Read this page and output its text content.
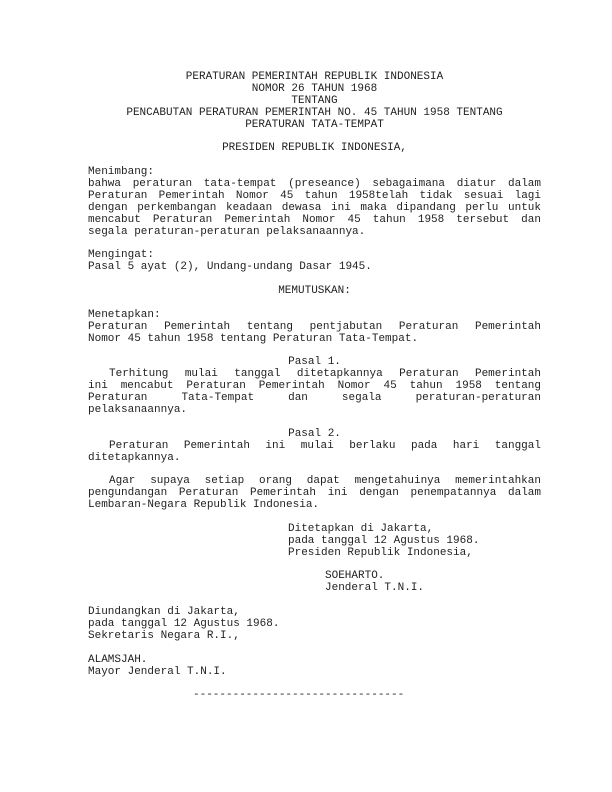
PERATURAN PEMERINTAH REPUBLIK INDONESIA
NOMOR 26 TAHUN 1968
TENTANG
PENCABUTAN PERATURAN PEMERINTAH NO. 45 TAHUN 1958 TENTANG
PERATURAN TATA-TEMPAT
PRESIDEN REPUBLIK INDONESIA,
Menimbang:
bahwa peraturan tata-tempat (preseance) sebagaimana diatur dalam
Peraturan Pemerintah Nomor 45 tahun 1958telah tidak sesuai lagi
dengan perkembangan keadaan dewasa ini maka dipandang perlu untuk
mencabut Peraturan Pemerintah Nomor 45 tahun 1958 tersebut dan
segala peraturan-peraturan pelaksanaannya.
Mengingat:
Pasal 5 ayat (2), Undang-undang Dasar 1945.
MEMUTUSKAN:
Menetapkan:
Peraturan Pemerintah tentang pentjabutan Peraturan Pemerintah
Nomor 45 tahun 1958 tentang Peraturan Tata-Tempat.
Pasal 1.
Terhitung mulai tanggal ditetapkannya Peraturan Pemerintah
ini mencabut Peraturan Pemerintah Nomor 45 tahun 1958 tentang
Peraturan Tata-Tempat dan segala peraturan-peraturan
pelaksanaannya.
Pasal 2.
Peraturan Pemerintah ini mulai berlaku pada hari tanggal
ditetapkannya.
Agar supaya setiap orang dapat mengetahuinya memerintahkan
pengundangan Peraturan Pemerintah ini dengan penempatannya dalam
Lembaran-Negara Republik Indonesia.
Ditetapkan di Jakarta,
pada tanggal 12 Agustus 1968.
Presiden Republik Indonesia,
SOEHARTO.
Jenderal T.N.I.
Diundangkan di Jakarta,
pada tanggal 12 Agustus 1968.
Sekretaris Negara R.I.,
ALAMSJAH.
Mayor Jenderal T.N.I.
--------------------------------
